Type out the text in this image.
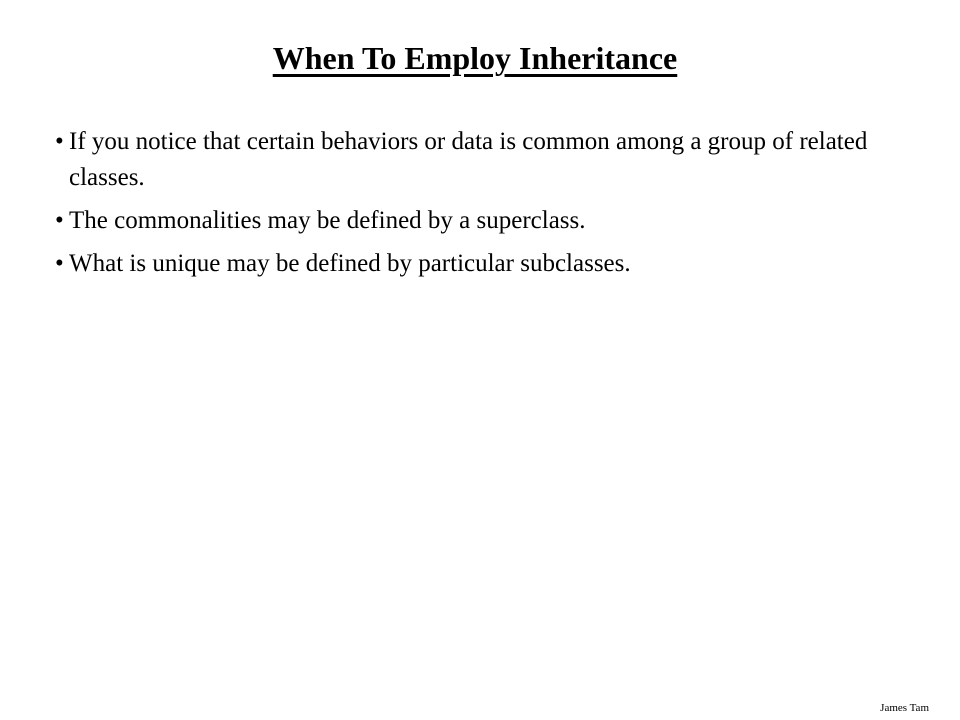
When To Employ Inheritance
• If you notice that certain behaviors or data is common among a group of related classes.
• The commonalities may be defined by a superclass.
• What is unique may be defined by particular subclasses.
James Tam
